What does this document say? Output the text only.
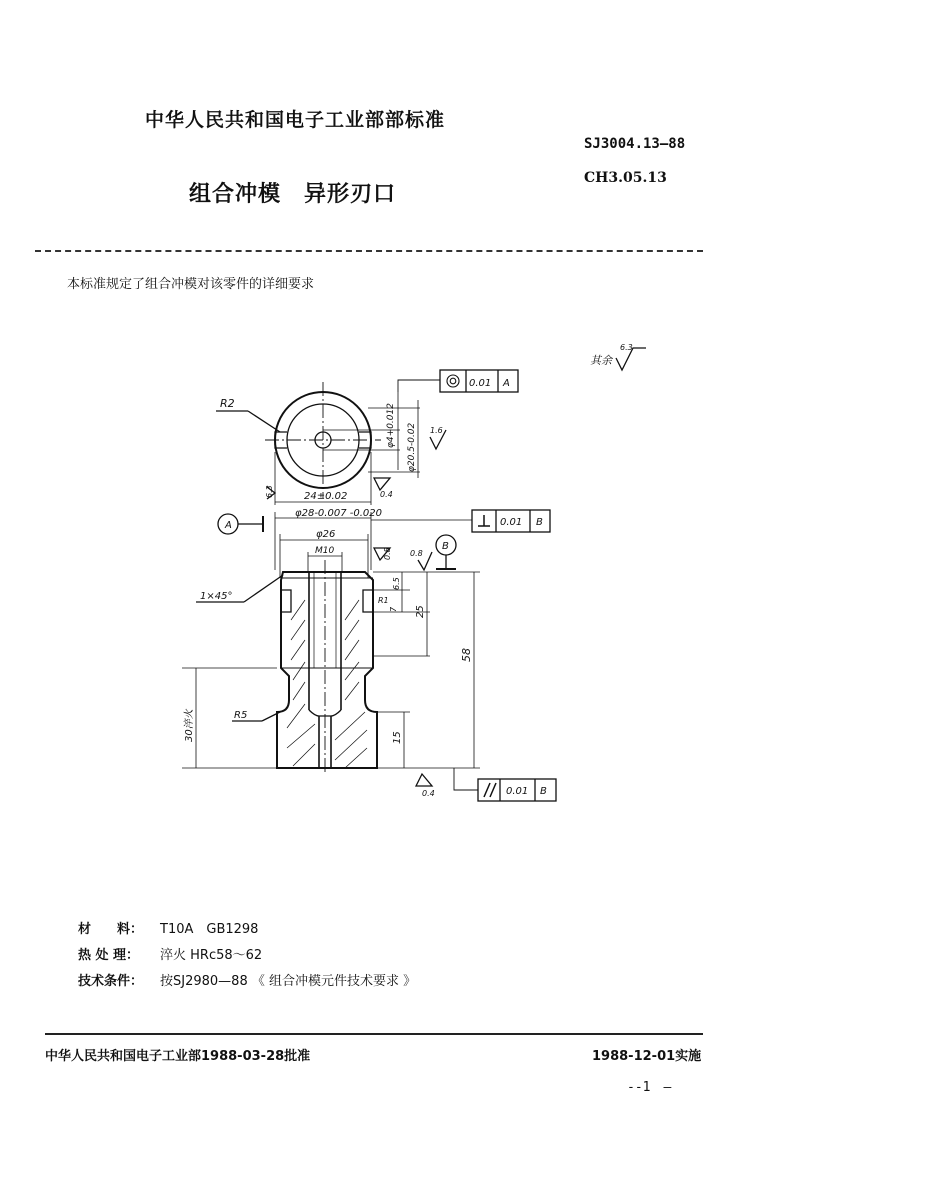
中华人民共和国电子工业部部标准
SJ3004.13—88
组合冲模　异形刃口
CH3.05.13
本标准规定了组合冲模对该零件的详细要求
其余
6.3
0.01 A
R2	φ4+0.012 φ20.5-0.02 1.6
0.4
6.3	24±0.02
φ28-0.007 -0.020
A	0.01 B
φ26
M10	0.8 0.8
B
1×45°
6.5
R1
7 25
58
30淬火	R5
15
0.4	0.01 B
材　　料： T10A　GB1298
热 处 理： 淬火 HRc58～62
技术条件： 按SJ2980—88 《 组合冲模元件技术要求 》
中华人民共和国电子工业部1988-03-28批准	1988-12-01实施
--1　—
